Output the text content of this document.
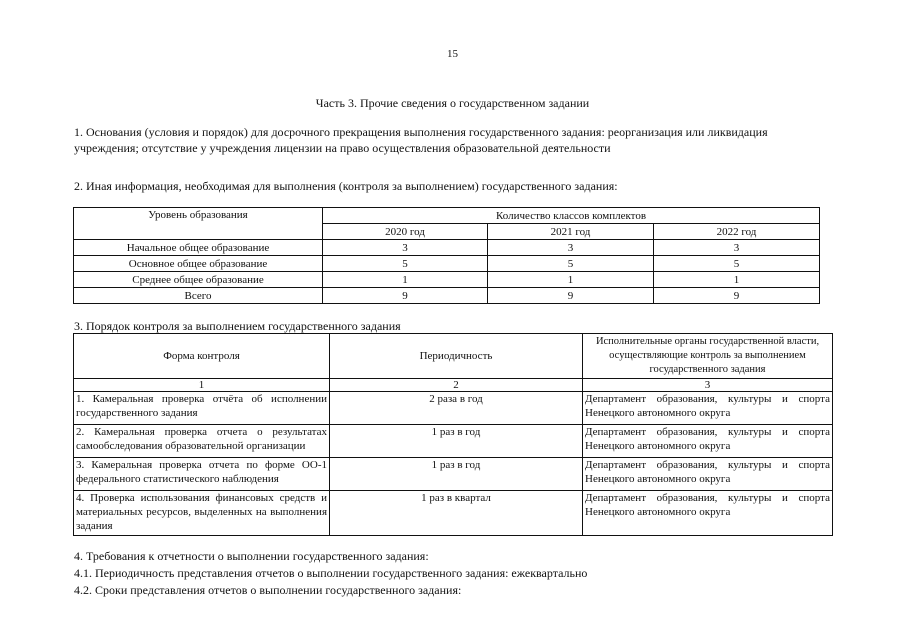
15
Часть 3. Прочие сведения о государственном задании
1. Основания (условия и порядок) для досрочного прекращения выполнения государственного задания: реорганизация или ликвидация учреждения; отсутствие у учреждения лицензии на право осуществления образовательной деятельности
2. Иная информация, необходимая для выполнения (контроля за выполнением) государственного задания:
Уровень образования	Количество классов комплектов		
	2020 год	2021 год	2022 год
Начальное общее образование	3	3	3
Основное общее образование	5	5	5
Среднее общее образование	1	1	1
Всего	9	9	9
3. Порядок контроля за выполнением государственного задания
Форма контроля	Периодичность	Исполнительные органы государственной власти, осуществляющие контроль за выполнением государственного задания
1	2	3
1. Камеральная проверка отчёта об исполнении государственного задания	2 раза в год	Департамент образования, культуры и спорта Ненецкого автономного округа
2. Камеральная проверка отчета о результатах самообследования образовательной организации	1 раз в год	Департамент образования, культуры и спорта Ненецкого автономного округа
3. Камеральная проверка отчета по форме ОО-1 федерального статистического наблюдения	1 раз в год	Департамент образования, культуры и спорта Ненецкого автономного округа
4. Проверка использования финансовых средств и материальных ресурсов, выделенных на выполнения задания	1 раз в квартал	Департамент образования, культуры и спорта Ненецкого автономного округа
4. Требования к отчетности о выполнении государственного задания:
4.1. Периодичность представления отчетов о выполнении государственного задания: ежеквартально
4.2. Сроки представления отчетов о выполнении государственного задания:
